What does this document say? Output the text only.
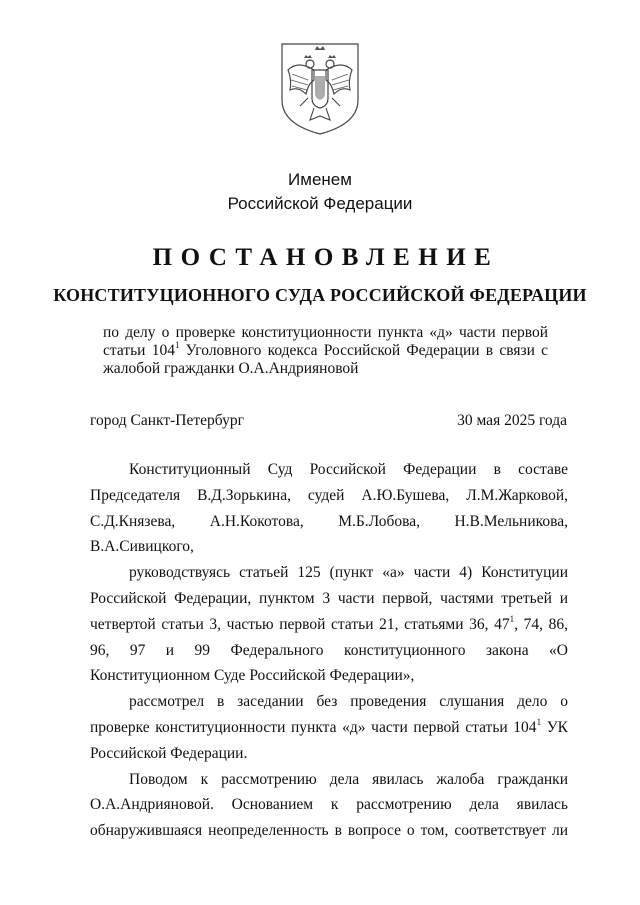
Именем
Российской Федерации
ПОСТАНОВЛЕНИЕ
КОНСТИТУЦИОННОГО СУДА РОССИЙСКОЙ ФЕДЕРАЦИИ
по делу о проверке конституционности пункта «д» части первой статьи $104^1$ Уголовного кодекса Российской Федерации в связи с жалобой гражданки О.А.Андрияновой
город Санкт-Петербург	30 мая 2025 года

Конституционный Суд Российской Федерации в составе Председателя В.Д.Зорькина, судей А.Ю.Бушева, Л.М.Жарковой, С.Д.Князева, А.Н.Кокотова, М.Б.Лобова, Н.В.Мельникова, В.А.Сивицкого,

руководствуясь статьей 125 (пункт «а» части 4) Конституции Российской Федерации, пунктом 3 части первой, частями третьей и четвертой статьи 3, частью первой статьи 21, статьями 36, $47^1$, 74, 86, 96, 97 и 99 Федерального конституционного закона «О Конституционном Суде Российской Федерации»,

рассмотрел в заседании без проведения слушания дело о проверке конституционности пункта «д» части первой статьи $104^1$ УК Российской Федерации.

Поводом к рассмотрению дела явилась жалоба гражданки О.А.Андрияновой. Основанием к рассмотрению дела явилась обнаружившаяся неопределенность в вопросе о том, соответствует ли
